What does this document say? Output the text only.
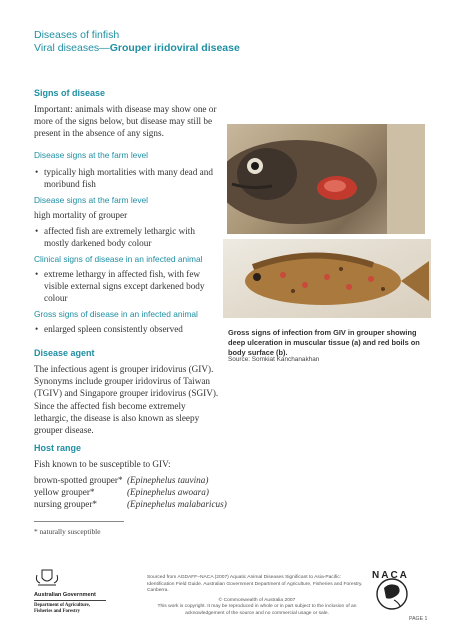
Diseases of finfish
Viral diseases—Grouper iridoviral disease
Signs of disease
Important: animals with disease may show one or more of the signs below, but disease may still be present in the absence of any signs.
Disease signs at the farm level
• typically high mortalities with many dead and moribund fish
Disease signs at the farm level
high mortality of grouper
• affected fish are extremely lethargic with mostly darkened body colour
Clinical signs of disease in an infected animal
• extreme lethargy in affected fish, with few visible external signs except darkened body colour
Gross signs of disease in an infected animal
• enlarged spleen consistently observed
Disease agent
The infectious agent is grouper iridovirus (GIV). Synonyms include grouper iridovirus of Taiwan (TGIV) and Singapore grouper iridovirus (SGIV). Since the affected fish become extremely lethargic, the disease is also known as sleepy grouper disease.
Host range
Fish known to be susceptible to GIV:
brown-spotted grouper* (Epinephelus tauvina)
yellow grouper*	(Epinephelus awoara)
nursing grouper*	(Epinephelus malabaricus)
* naturally susceptible
Gross signs of infection from GIV in grouper showing deep ulceration in muscular tissue (a) and red boils on body surface (b).
Source: Somkiat Kanchanakhan
Australian Government
Department of Agriculture,
Fisheries and Forestry
Sourced from AGDAFF–NACA (2007) Aquatic Animal Diseases Significant to Asia-Pacific: Identification Field Guide. Australian Government Department of Agriculture, Fisheries and Forestry. Canberra.
© Commonwealth of Australia 2007
This work is copyright. It may be reproduced in whole or in part subject to the inclusion of an acknowledgement of the source and no commercial usage or sale.
NACA
PAGE 1
